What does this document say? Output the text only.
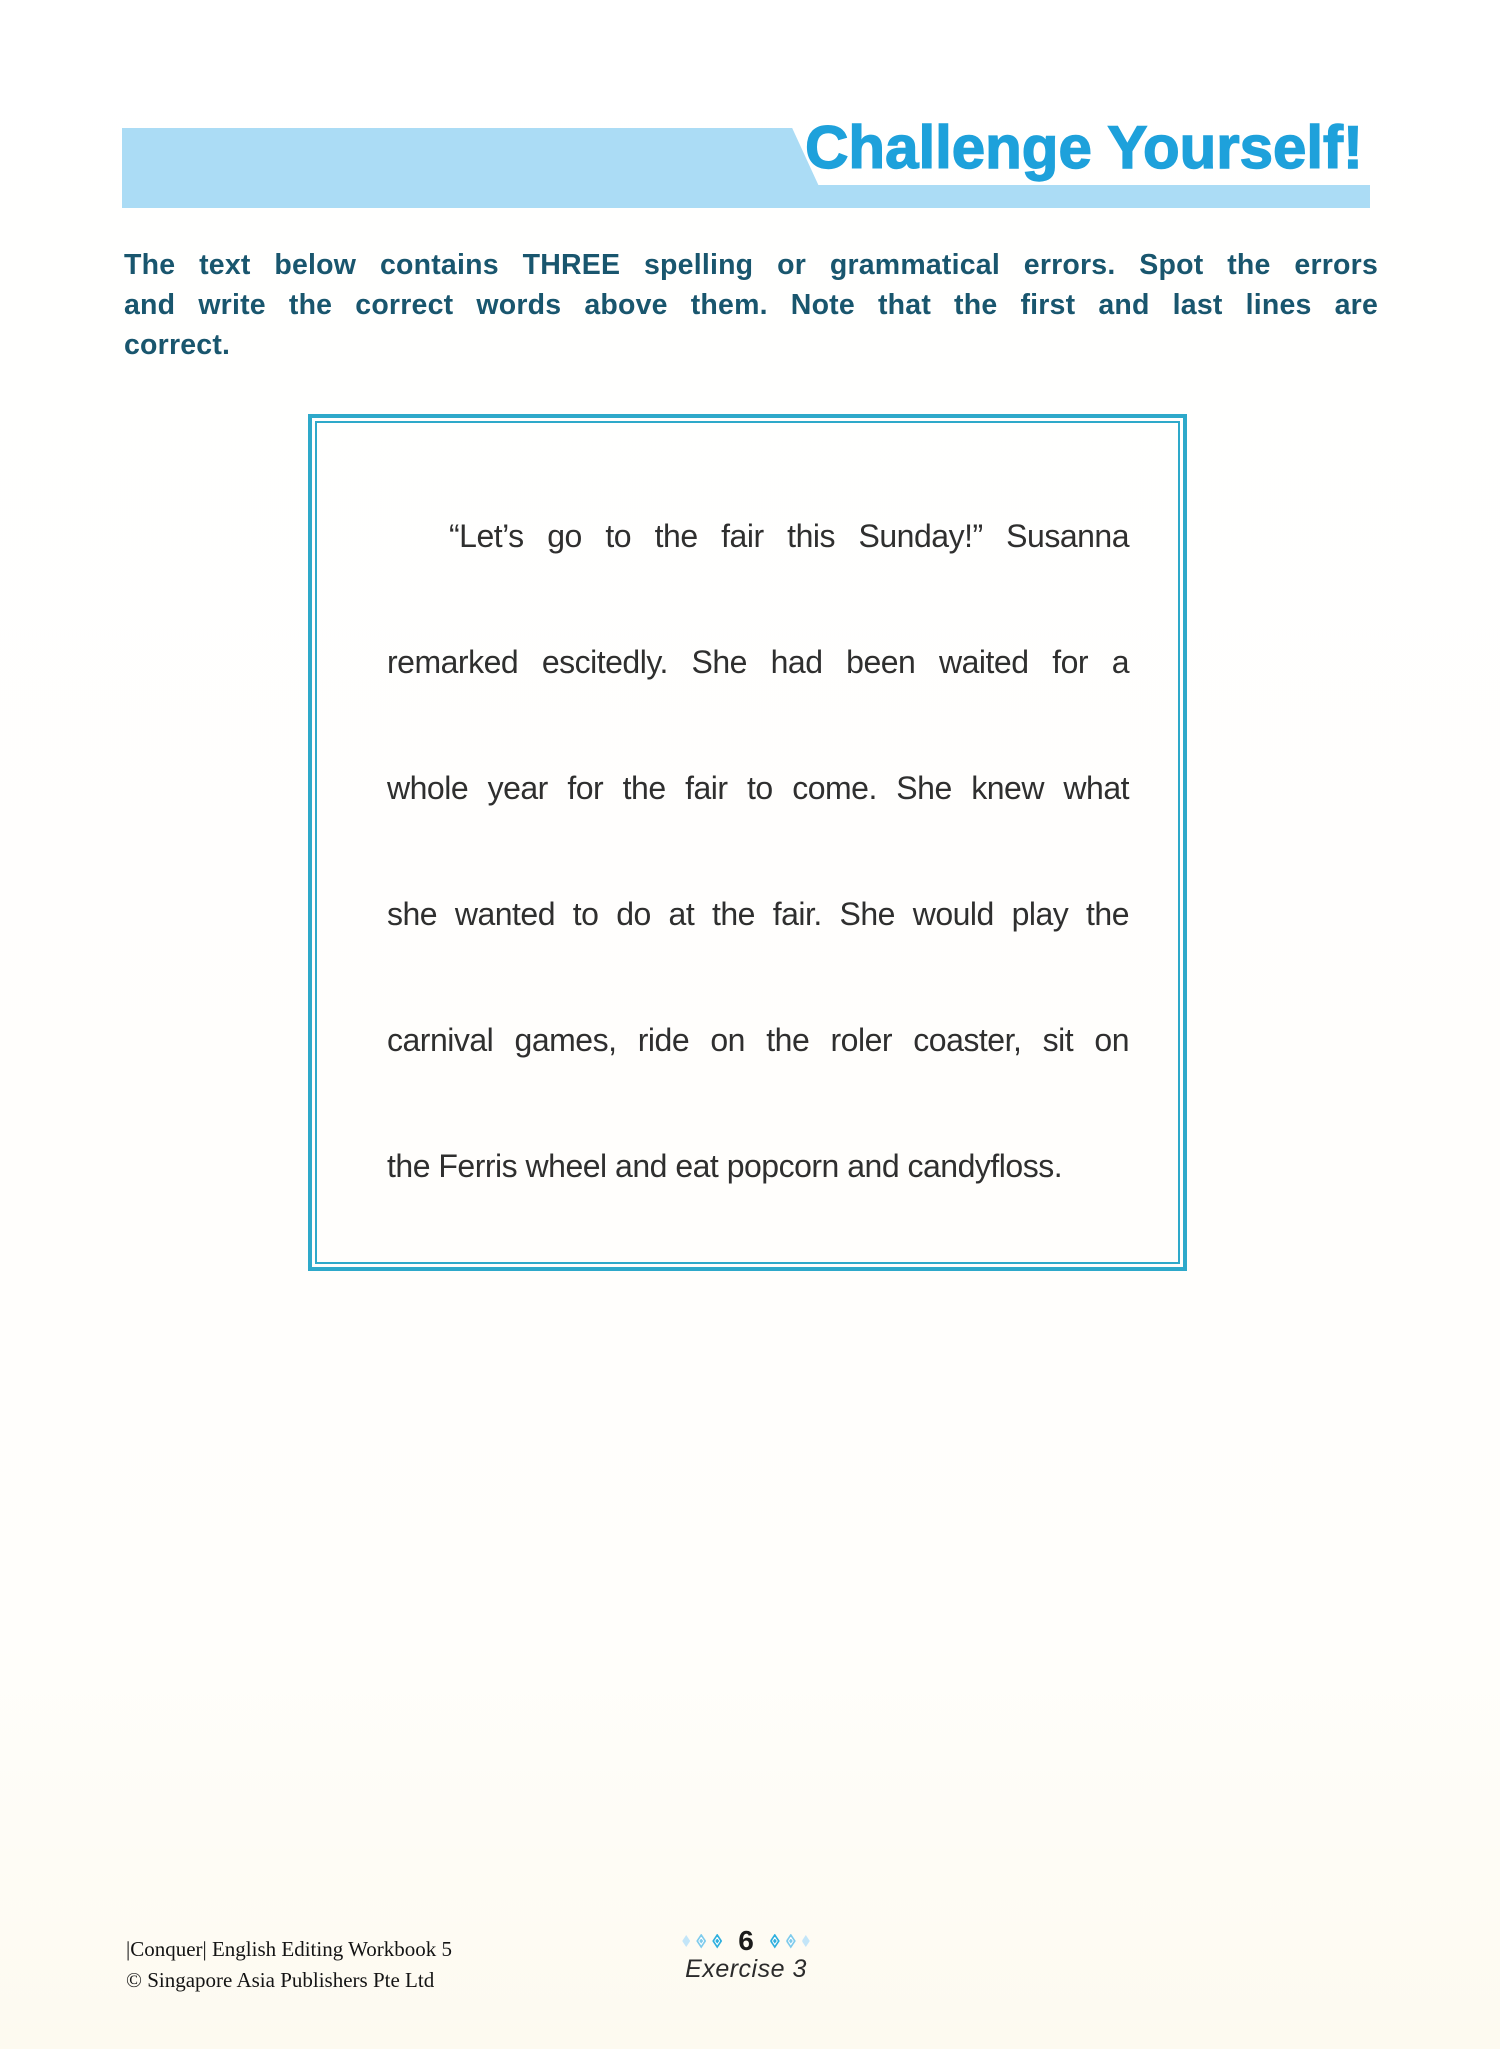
Challenge Yourself!
The text below contains THREE spelling or grammatical errors. Spot the errors
and write the correct words above them. Note that the first and last lines are
correct.
“Let’s go to the fair this Sunday!” Susanna
remarked escitedly. She had been waited for a
whole year for the fair to come. She knew what
she wanted to do at the fair. She would play the
carnival games, ride on the roler coaster, sit on
the Ferris wheel and eat popcorn and candyfloss.
|Conquer| English Editing Workbook 5
© Singapore Asia Publishers Pte Ltd
6
Exercise 3
